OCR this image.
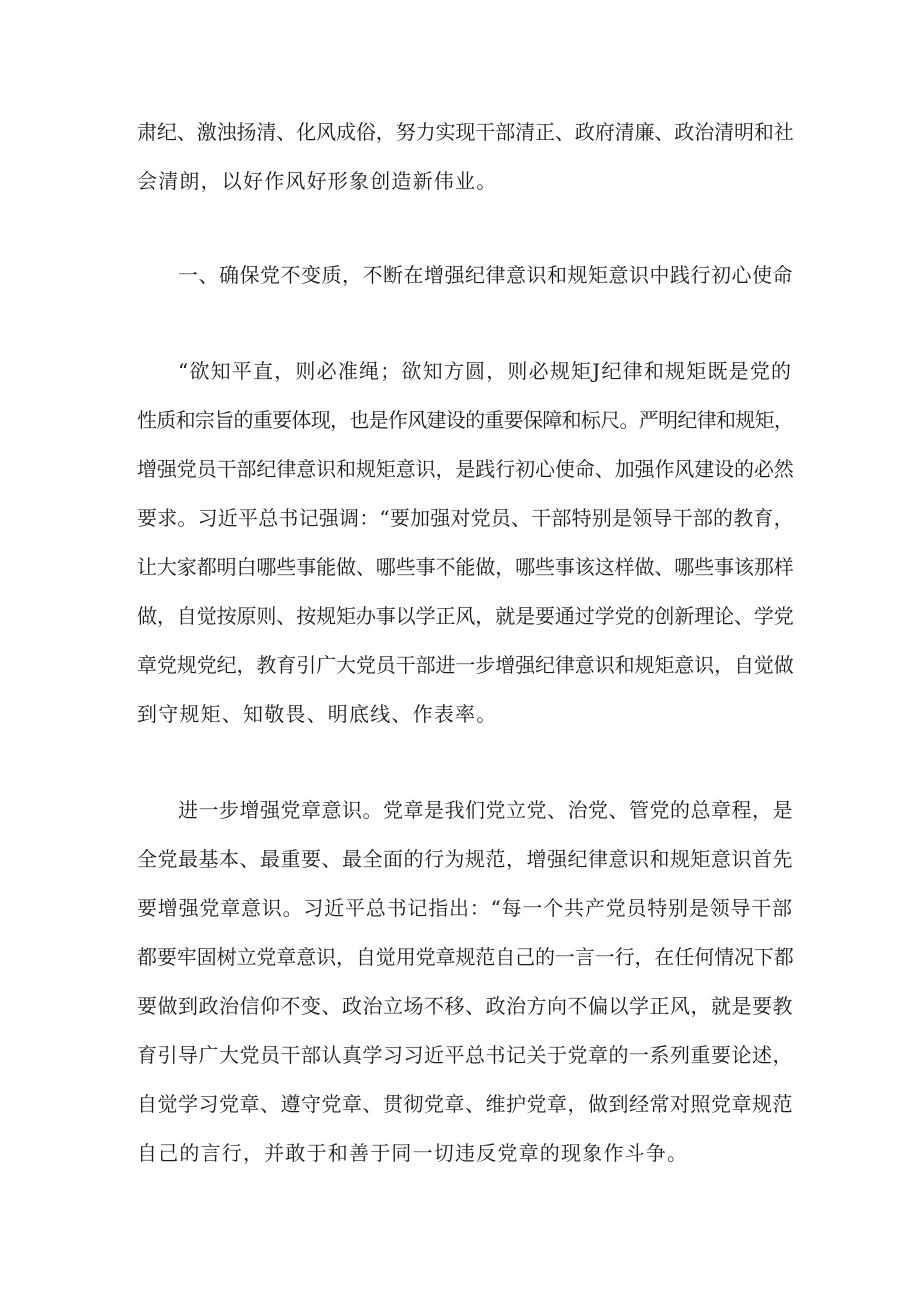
肃纪、激浊扬清、化风成俗，努力实现干部清正、政府清廉、政治清明和社

会清朗，以好作风好形象创造新伟业。

一、确保党不变质，不断在增强纪律意识和规矩意识中践行初心使命

“欲知平直，则必准绳；欲知方圆，则必规矩J纪律和规矩既是党的

性质和宗旨的重要体现，也是作风建设的重要保障和标尺。严明纪律和规矩，

增强党员干部纪律意识和规矩意识，是践行初心使命、加强作风建设的必然

要求。习近平总书记强调：“要加强对党员、干部特别是领导干部的教育，

让大家都明白哪些事能做、哪些事不能做，哪些事该这样做、哪些事该那样

做，自觉按原则、按规矩办事以学正风，就是要通过学党的创新理论、学党

章党规党纪，教育引广大党员干部进一步增强纪律意识和规矩意识，自觉做

到守规矩、知敬畏、明底线、作表率。

进一步增强党章意识。党章是我们党立党、治党、管党的总章程，是

全党最基本、最重要、最全面的行为规范，增强纪律意识和规矩意识首先

要增强党章意识。习近平总书记指出：“每一个共产党员特别是领导干部

都要牢固树立党章意识，自觉用党章规范自己的一言一行，在任何情况下都

要做到政治信仰不变、政治立场不移、政治方向不偏以学正风，就是要教

育引导广大党员干部认真学习习近平总书记关于党章的一系列重要论述，

自觉学习党章、遵守党章、贯彻党章、维护党章，做到经常对照党章规范

自己的言行，并敢于和善于同一切违反党章的现象作斗争。
